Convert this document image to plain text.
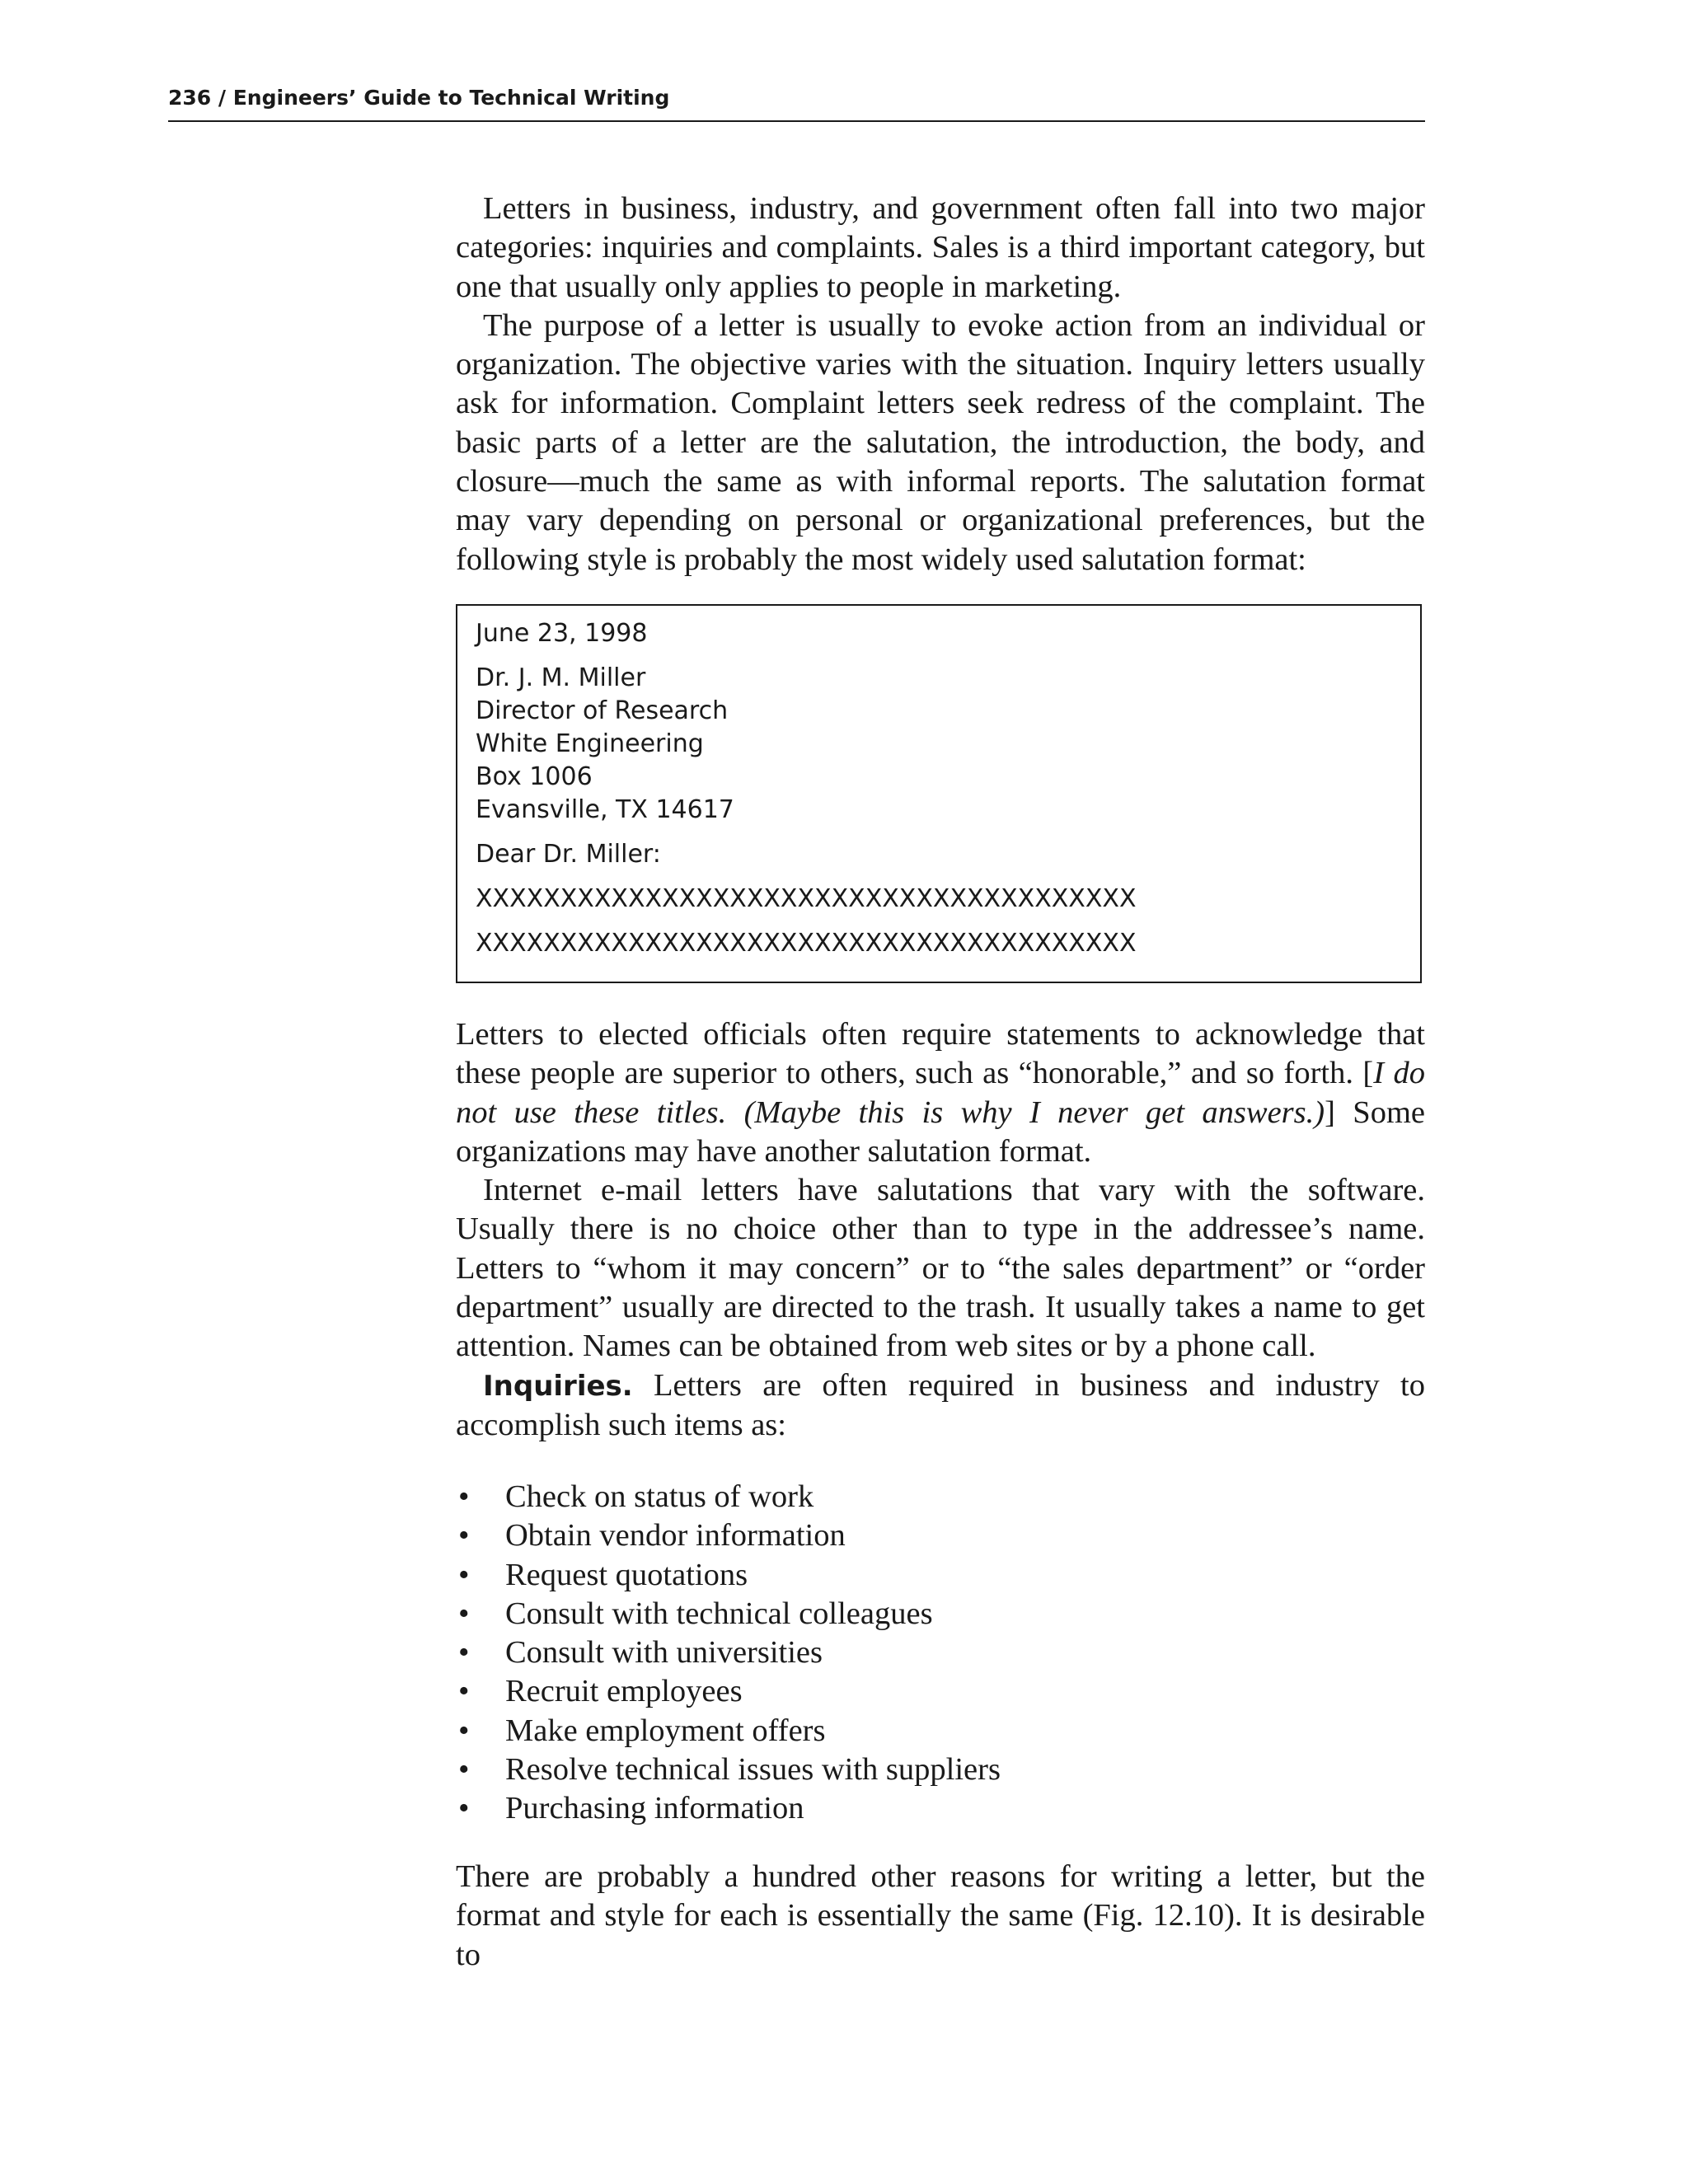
236 / Engineers’ Guide to Technical Writing

Letters in business, industry, and government often fall into two major categories: inquiries and complaints. Sales is a third important category, but one that usually only applies to people in marketing.

The purpose of a letter is usually to evoke action from an individual or organization. The objective varies with the situation. Inquiry letters usually ask for information. Complaint letters seek redress of the complaint. The basic parts of a letter are the salutation, the introduction, the body, and closure—much the same as with informal reports. The salutation format may vary depending on personal or organizational preferences, but the following style is probably the most widely used salutation format:

June 23, 1998
Dr. J. M. Miller
Director of Research
White Engineering
Box 1006
Evansville, TX 14617
Dear Dr. Miller:
XXXXXXXXXXXXXXXXXXXXXXXXXXXXXXXXXXXXXXX
XXXXXXXXXXXXXXXXXXXXXXXXXXXXXXXXXXXXXXX

Letters to elected officials often require statements to acknowledge that these people are superior to others, such as “honorable,” and so forth. [I do not use these titles. (Maybe this is why I never get answers.)] Some organizations may have another salutation format.

Internet e-mail letters have salutations that vary with the software. Usually there is no choice other than to type in the addressee’s name. Letters to “whom it may concern” or to “the sales department” or “order department” usually are directed to the trash. It usually takes a name to get attention. Names can be obtained from web sites or by a phone call.

Inquiries. Letters are often required in business and industry to accomplish such items as:

• Check on status of work
• Obtain vendor information
• Request quotations
• Consult with technical colleagues
• Consult with universities
• Recruit employees
• Make employment offers
• Resolve technical issues with suppliers
• Purchasing information

There are probably a hundred other reasons for writing a letter, but the format and style for each is essentially the same (Fig. 12.10). It is desirable to
